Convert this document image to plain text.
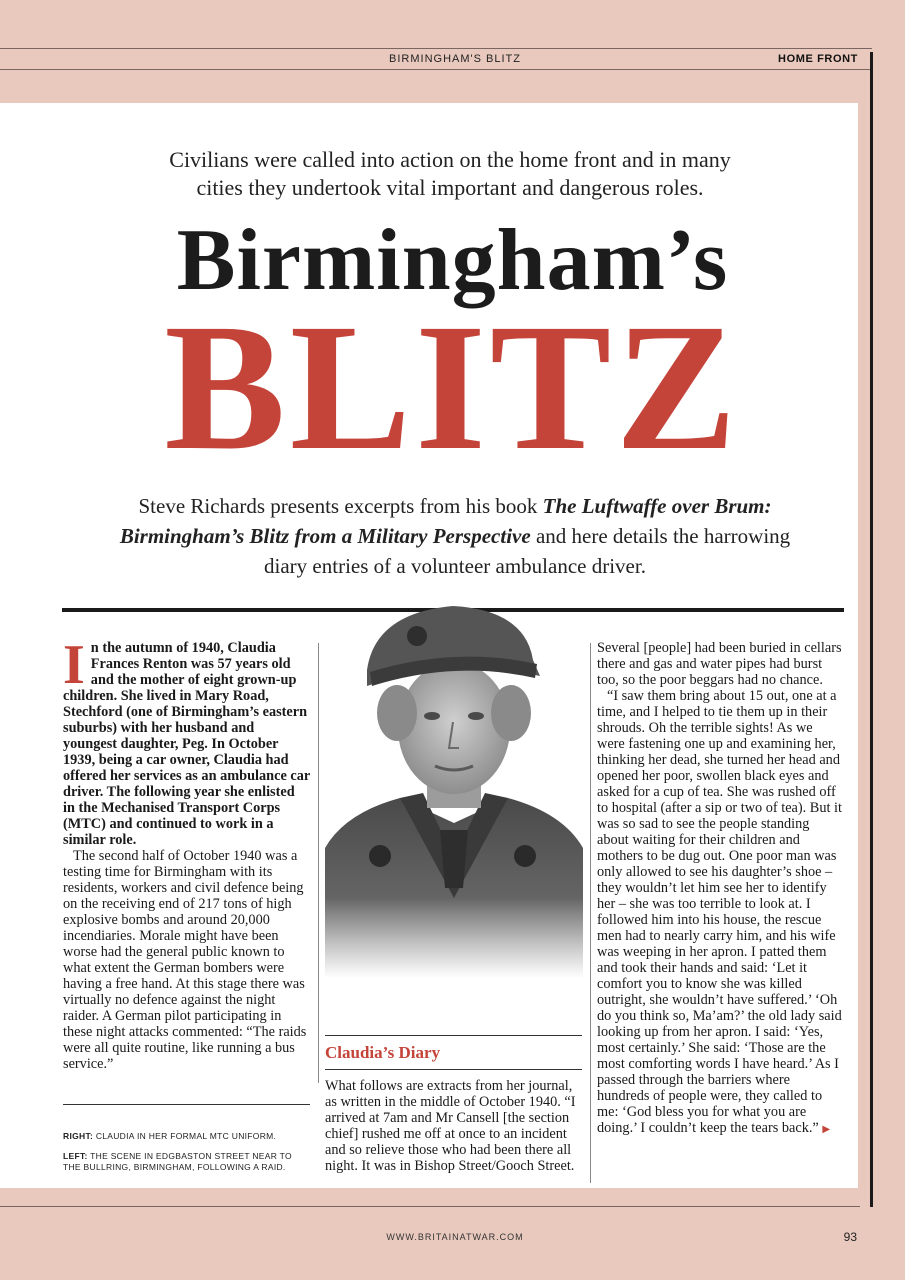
BIRMINGHAM'S BLITZ	HOME FRONT
Civilians were called into action on the home front and in many
cities they undertook vital important and dangerous roles.
Birmingham’s
BLITZ
Steve Richards presents excerpts from his book The Luftwaffe over Brum: Birmingham’s Blitz from a Military Perspective and here details the harrowing diary entries of a volunteer ambulance driver.

In the autumn of 1940, Claudia Frances Renton was 57 years old and the mother of eight grown-up children. She lived in Mary Road, Stechford (one of Birmingham’s eastern suburbs) with her husband and youngest daughter, Peg. In October 1939, being a car owner, Claudia had offered her services as an ambulance car driver. The following year she enlisted in the Mechanised Transport Corps (MTC) and continued to work in a similar role.

The second half of October 1940 was a testing time for Birmingham with its residents, workers and civil defence being on the receiving end of 217 tons of high explosive bombs and around 20,000 incendiaries. Morale might have been worse had the general public known to what extent the German bombers were having a free hand. At this stage there was virtually no defence against the night raider. A German pilot participating in these night attacks commented: “The raids were all quite routine, like running a bus service.”

Claudia’s Diary
What follows are extracts from her journal, as written in the middle of October 1940. “I arrived at 7am and Mr Cansell [the section chief] rushed me off at once to an incident and so relieve those who had been there all night. It was in Bishop Street/Gooch Street.

Several [people] had been buried in cellars there and gas and water pipes had burst too, so the poor beggars had no chance.

“I saw them bring about 15 out, one at a time, and I helped to tie them up in their shrouds. Oh the terrible sights! As we were fastening one up and examining her, thinking her dead, she turned her head and opened her poor, swollen black eyes and asked for a cup of tea. She was rushed off to hospital (after a sip or two of tea). But it was so sad to see the people standing about waiting for their children and mothers to be dug out. One poor man was only allowed to see his daughter’s shoe – they wouldn’t let him see her to identify her – she was too terrible to look at. I followed him into his house, the rescue men had to nearly carry him, and his wife was weeping in her apron. I patted them and took their hands and said: ‘Let it comfort you to know she was killed outright, she wouldn’t have suffered.’ ‘Oh do you think so, Ma’am?’ the old lady said looking up from her apron. I said: ‘Yes, most certainly.’ She said: ‘Those are the most comforting words I have heard.’ As I passed through the barriers where hundreds of people were, they called to me: ‘God bless you for what you are doing.’ I couldn’t keep the tears back.” ▶

RIGHT: CLAUDIA IN HER FORMAL MTC UNIFORM.

LEFT: THE SCENE IN EDGBASTON STREET NEAR TO THE BULLRING, BIRMINGHAM, FOLLOWING A RAID.

WWW.BRITAINATWAR.COM	93
